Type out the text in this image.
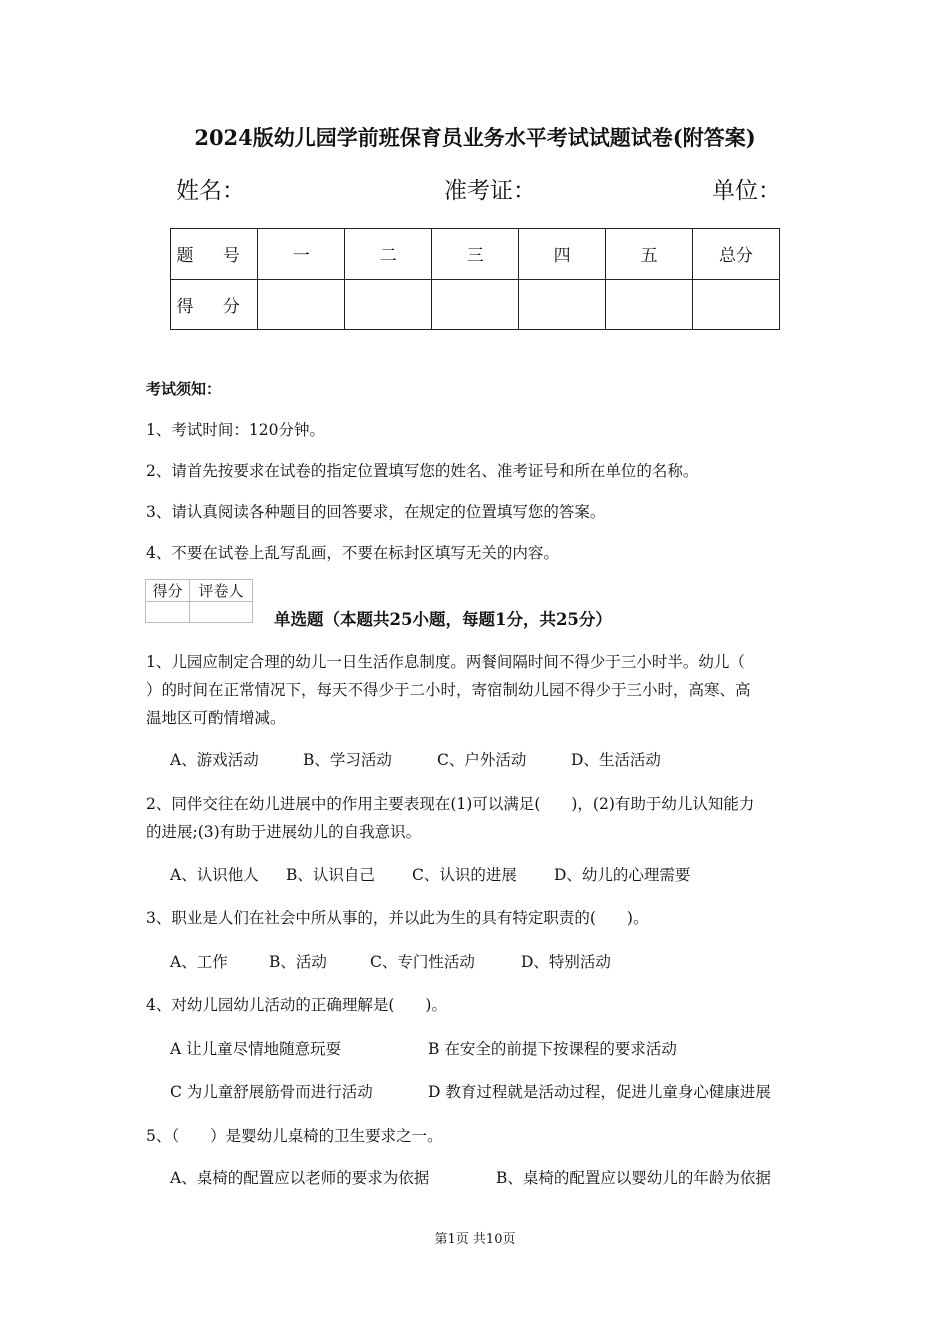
2024版幼儿园学前班保育员业务水平考试试题试卷(附答案)
姓名：	准考证：	单位：
题 号	一	二	三	四	五	总分
得 分						
考试须知：
1、考试时间：120分钟。
2、请首先按要求在试卷的指定位置填写您的姓名、准考证号和所在单位的名称。
3、请认真阅读各种题目的回答要求，在规定的位置填写您的答案。
4、不要在试卷上乱写乱画，不要在标封区填写无关的内容。
得分	评卷人

单选题（本题共25小题，每题1分，共25分）
1、儿园应制定合理的幼儿一日生活作息制度。两餐间隔时间不得少于三小时半。幼儿（
）的时间在正常情况下，每天不得少于二小时，寄宿制幼儿园不得少于三小时，高寒、高
温地区可酌情增减。
A、游戏活动	B、学习活动	C、户外活动	D、生活活动
2、同伴交往在幼儿进展中的作用主要表现在(1)可以满足(　　)，(2)有助于幼儿认知能力
的进展;(3)有助于进展幼儿的自我意识。
A、认识他人 B、认识自己 C、认识的进展 D、幼儿的心理需要
3、职业是人们在社会中所从事的，并以此为生的具有特定职责的(　　)。
A、工作	B、活动	C、专门性活动	D、特别活动
4、对幼儿园幼儿活动的正确理解是(　　)。
A 让儿童尽情地随意玩耍	B 在安全的前提下按课程的要求活动
C 为儿童舒展筋骨而进行活动	D 教育过程就是活动过程，促进儿童身心健康进展
5、（　　）是婴幼儿桌椅的卫生要求之一。
A、桌椅的配置应以老师的要求为依据	B、桌椅的配置应以婴幼儿的年龄为依据
第1页 共10页
